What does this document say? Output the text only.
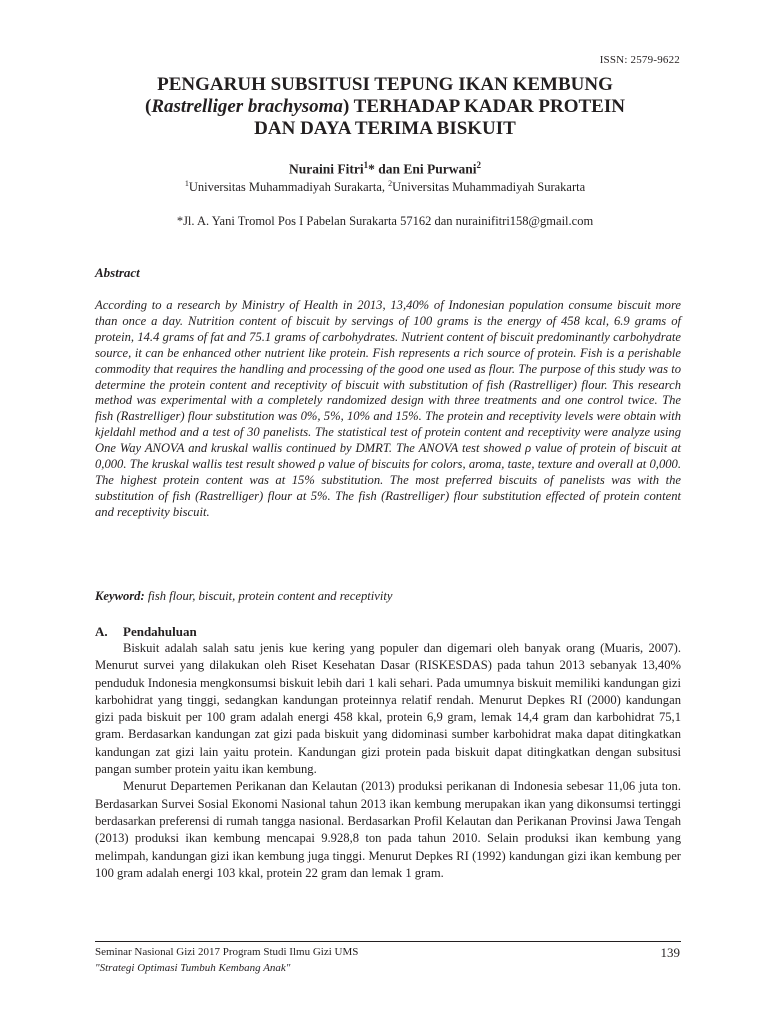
ISSN: 2579-9622
PENGARUH SUBSITUSI TEPUNG IKAN KEMBUNG
(Rastrelliger brachysoma) TERHADAP KADAR PROTEIN
DAN DAYA TERIMA BISKUIT
Nuraini Fitri$^1$* dan Eni Purwani$^2$
$^1$Universitas Muhammadiyah Surakarta, $^2$Universitas Muhammadiyah Surakarta
*Jl. A. Yani Tromol Pos I Pabelan Surakarta 57162 dan nurainifitri158@gmail.com
Abstract
According to a research by Ministry of Health in 2013, 13,40% of Indonesian population consume biscuit more than once a day. Nutrition content of biscuit by servings of 100 grams is the energy of 458 kcal, 6.9 grams of protein, 14.4 grams of fat and 75.1 grams of carbohydrates. Nutrient content of biscuit predominantly carbohydrate source, it can be enhanced other nutrient like protein. Fish represents a rich source of protein. Fish is a perishable commodity that requires the handling and processing of the good one used as flour. The purpose of this study was to determine the protein content and receptivity of biscuit with substitution of fish (Rastrelliger) flour. This research method was experimental with a completely randomized design with three treatments and one control twice. The fish (Rastrelliger) flour substitution was 0%, 5%, 10% and 15%. The protein and receptivity levels were obtain with kjeldahl method and a test of 30 panelists. The statistical test of protein content and receptivity were analyze using One Way ANOVA and kruskal wallis continued by DMRT. The ANOVA test showed ρ value of protein of biscuit at 0,000. The kruskal wallis test result showed ρ value of biscuits for colors, aroma, taste, texture and overall at 0,000. The highest protein content was at 15% substitution. The most preferred biscuits of panelists was with the substitution of fish (Rastrelliger) flour at 5%. The fish (Rastrelliger) flour substitution effected of protein content and receptivity biscuit.
Keyword: fish flour, biscuit, protein content and receptivity
A. Pendahuluan

Biskuit adalah salah satu jenis kue kering yang populer dan digemari oleh banyak orang (Muaris, 2007). Menurut survei yang dilakukan oleh Riset Kesehatan Dasar (RISKESDAS) pada tahun 2013 sebanyak 13,40% penduduk Indonesia mengkonsumsi biskuit lebih dari 1 kali sehari. Pada umumnya biskuit memiliki kandungan gizi karbohidrat yang tinggi, sedangkan kandungan proteinnya relatif rendah. Menurut Depkes RI (2000) kandungan gizi pada biskuit per 100 gram adalah energi 458 kkal, protein 6,9 gram, lemak 14,4 gram dan karbohidrat 75,1 gram. Berdasarkan kandungan zat gizi pada biskuit yang didominasi sumber karbohidrat maka dapat ditingkatkan kandungan zat gizi lain yaitu protein. Kandungan gizi protein pada biskuit dapat ditingkatkan dengan subsitusi pangan sumber protein yaitu ikan kembung.

Menurut Departemen Perikanan dan Kelautan (2013) produksi perikanan di Indonesia sebesar 11,06 juta ton. Berdasarkan Survei Sosial Ekonomi Nasional tahun 2013 ikan kembung merupakan ikan yang dikonsumsi tertinggi berdasarkan preferensi di rumah tangga nasional. Berdasarkan Profil Kelautan dan Perikanan Provinsi Jawa Tengah (2013) produksi ikan kembung mencapai 9.928,8 ton pada tahun 2010. Selain produksi ikan kembung yang melimpah, kandungan gizi ikan kembung juga tinggi. Menurut Depkes RI (1992) kandungan gizi ikan kembung per 100 gram adalah energi 103 kkal, protein 22 gram dan lemak 1 gram.

Seminar Nasional Gizi 2017 Program Studi Ilmu Gizi UMS
"Strategi Optimasi Tumbuh Kembang Anak"
139
